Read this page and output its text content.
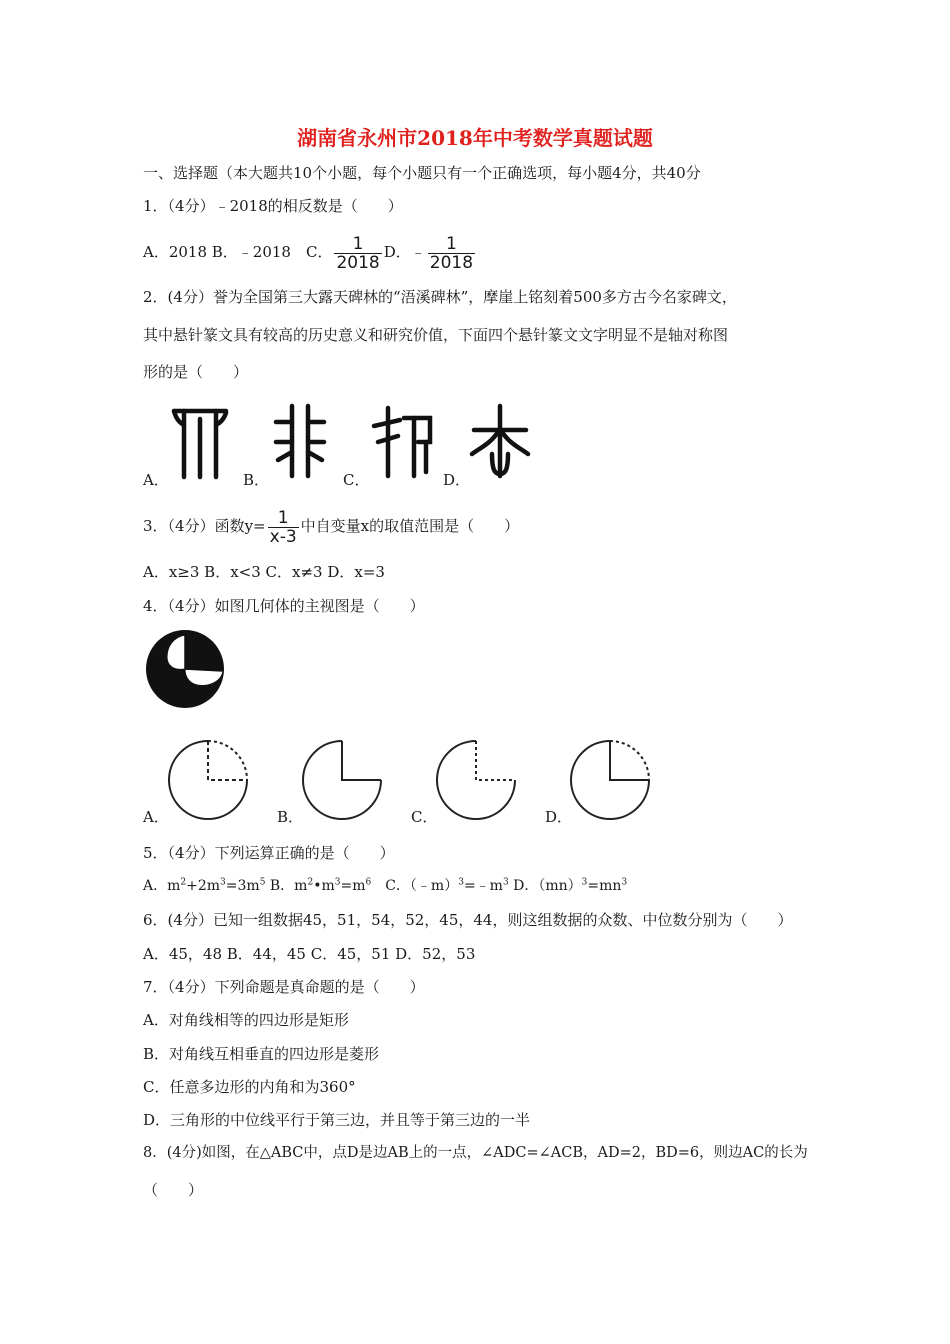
湖南省永州市2018年中考数学真题试题
一、选择题（本大题共10个小题，每个小题只有一个正确选项，每小题4分，共40分
1．（4分）﹣2018的相反数是（　　）
A．2018 B．﹣2018　C． $\frac{1}{2018}$ D．﹣ $\frac{1}{2018}$
2．(4分）誉为全国第三大露天碑林的“浯溪碑林”，摩崖上铭刻着500多方古今名家碑文，
其中悬针篆文具有较高的历史意义和研究价值，下面四个悬针篆文文字明显不是轴对称图
形的是（　　）
A．	B．	C．	D．
3．（4分）函数$y= \frac{1}{x-3}$ 中自变量x的取值范围是（　　）
A．x≥3 B．x<3 C．x≠3 D．x=3
4．（4分）如图几何体的主视图是（　　）
A．	B．	C．	D．
5．（4分）下列运算正确的是（　　）
A．$m^2+2m^3=3m^5$ B．$m^2•m^3=m^6$　C．$(﹣m)^3=﹣m^3$ D．$(mn)^3=mn^3$
6．(4分）已知一组数据45，51，54，52，45，44，则这组数据的众数、中位数分别为（　　）
A．45，48 B．44，45 C．45，51 D．52，53
7．（4分）下列命题是真命题的是（　　）
A．对角线相等的四边形是矩形
B．对角线互相垂直的四边形是菱形
C．任意多边形的内角和为360°
D．三角形的中位线平行于第三边，并且等于第三边的一半
8．(4分)如图，在△ABC中，点D是边AB上的一点，∠ADC=∠ACB，AD=2，BD=6，则边AC的长为
（　　）
